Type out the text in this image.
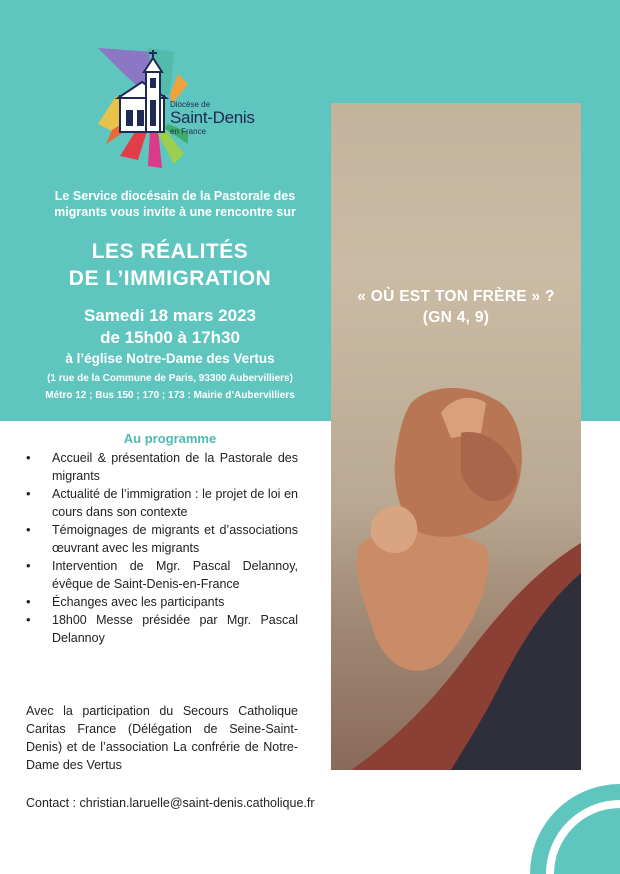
Diocèse de
Saint-Denis
en France
Le Service diocésain de la Pastorale des migrants vous invite à une rencontre sur
LES RÉALITÉS
DE L’IMMIGRATION
Samedi 18 mars 2023
de 15h00 à 17h30
à l’église Notre-Dame des Vertus
(1 rue de la Commune de Paris, 93300 Aubervilliers)
Métro 12 ; Bus 150 ; 170 ; 173 : Mairie d’Aubervilliers
« OÙ EST TON FRÈRE » ?
(GN 4, 9)
Au programme
• Accueil & présentation de la Pastorale des migrants
• Actualité de l’immigration : le projet de loi en cours dans son contexte
• Témoignages de migrants et d’associations œuvrant avec les migrants
• Intervention de Mgr. Pascal Delannoy, évêque de Saint-Denis-en-France
• Échanges avec les participants
• 18h00 Messe présidée par Mgr. Pascal Delannoy
Avec la participation du Secours Catholique Caritas France (Délégation de Seine-Saint-Denis) et de l’association La confrérie de Notre-Dame des Vertus
Contact : christian.laruelle@saint-denis.catholique.fr
